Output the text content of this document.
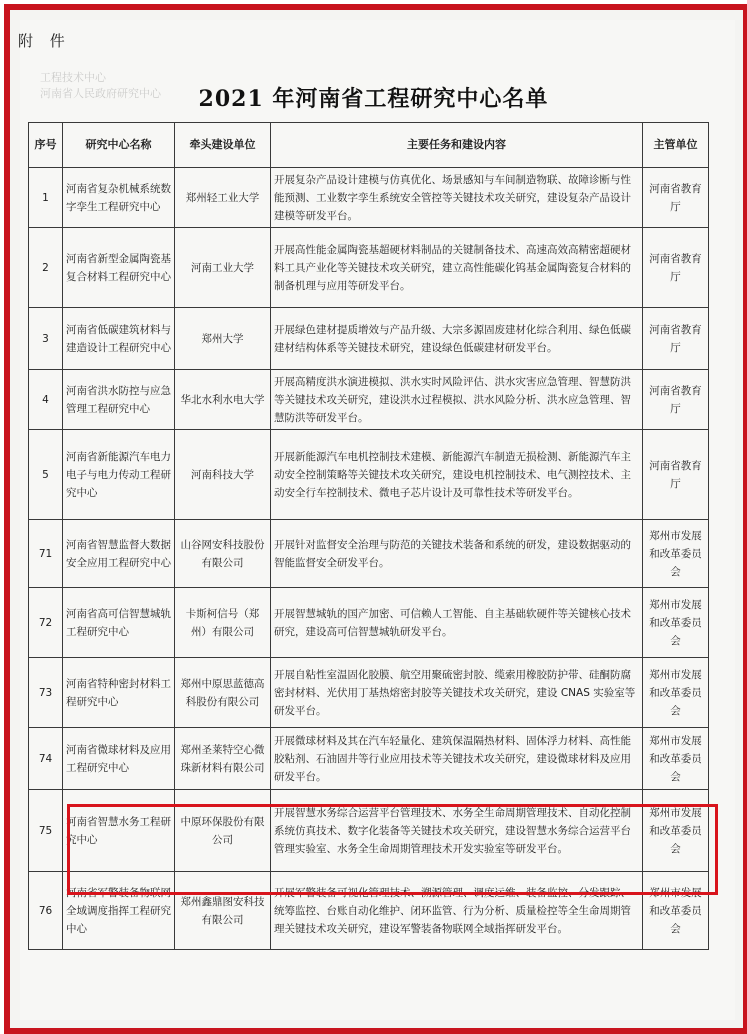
附 件
工程技术中心
河南省人民政府研究中心	2021 年河南省工程研究中心名单
序号	研究中心名称	牵头建设单位	主要任务和建设内容	主管单位
1	河南省复杂机械系统数字孪生工程研究中心	郑州轻工业大学	开展复杂产品设计建模与仿真优化、场景感知与车间制造物联、故障诊断与性能预测、工业数字孪生系统安全管控等关键技术攻关研究，建设复杂产品设计建模等研发平台。	河南省教育厅
2	河南省新型金属陶瓷基复合材料工程研究中心	河南工业大学	开展高性能金属陶瓷基超硬材料制品的关键制备技术、高速高效高精密超硬材料工具产业化等关键技术攻关研究，建立高性能碳化钨基金属陶瓷复合材料的制备机理与应用等研发平台。	河南省教育厅
3	河南省低碳建筑材料与建造设计工程研究中心	郑州大学	开展绿色建材提质增效与产品升级、大宗多源固废建材化综合利用、绿色低碳建材结构体系等关键技术研究，建设绿色低碳建材研发平台。	河南省教育厅
4	河南省洪水防控与应急管理工程研究中心	华北水利水电大学	开展高精度洪水演进模拟、洪水实时风险评估、洪水灾害应急管理、智慧防洪等关键技术攻关研究，建设洪水过程模拟、洪水风险分析、洪水应急管理、智慧防洪等研发平台。	河南省教育厅
5	河南省新能源汽车电力电子与电力传动工程研究中心	河南科技大学	开展新能源汽车电机控制技术建模、新能源汽车制造无损检测、新能源汽车主动安全控制策略等关键技术攻关研究，建设电机控制技术、电气测控技术、主动安全行车控制技术、微电子芯片设计及可靠性技术等研发平台。	河南省教育厅
71	河南省智慧监督大数据安全应用工程研究中心	山谷网安科技股份有限公司	开展针对监督安全治理与防范的关键技术装备和系统的研发，建设数据驱动的智能监督安全研发平台。	郑州市发展和改革委员会
72	河南省高可信智慧城轨工程研究中心	卡斯柯信号（郑州）有限公司	开展智慧城轨的国产加密、可信赖人工智能、自主基础软硬件等关键核心技术研究，建设高可信智慧城轨研发平台。	郑州市发展和改革委员会
73	河南省特种密封材料工程研究中心	郑州中原思蓝德高科股份有限公司	开展自粘性室温固化胶膜、航空用聚硫密封胶、缆索用橡胶防护带、硅酮防腐密封材料、光伏用丁基热熔密封胶等关键技术攻关研究，建设 CNAS 实验室等研发平台。	郑州市发展和改革委员会
74	河南省微球材料及应用工程研究中心	郑州圣莱特空心微珠新材料有限公司	开展微球材料及其在汽车轻量化、建筑保温隔热材料、固体浮力材料、高性能胶粘剂、石油固井等行业应用技术等关键技术攻关研究，建设微球材料及应用研发平台。	郑州市发展和改革委员会
75	河南省智慧水务工程研究中心	中原环保股份有限公司	开展智慧水务综合运营平台管理技术、水务全生命周期管理技术、自动化控制系统仿真技术、数字化装备等关键技术攻关研究，建设智慧水务综合运营平台管理实验室、水务全生命周期管理技术开发实验室等研发平台。	郑州市发展和改革委员会
76	河南省军警装备物联网全域调度指挥工程研究中心	郑州鑫鼎图安科技有限公司	开展军警装备可视化管理技术、溯源管理、调度运维、装备监控、分发跟踪、统筹监控、台账自动化维护、闭环监管、行为分析、质量检控等全生命周期管理关键技术攻关研究，建设军警装备物联网全域指挥研发平台。	郑州市发展和改革委员会
